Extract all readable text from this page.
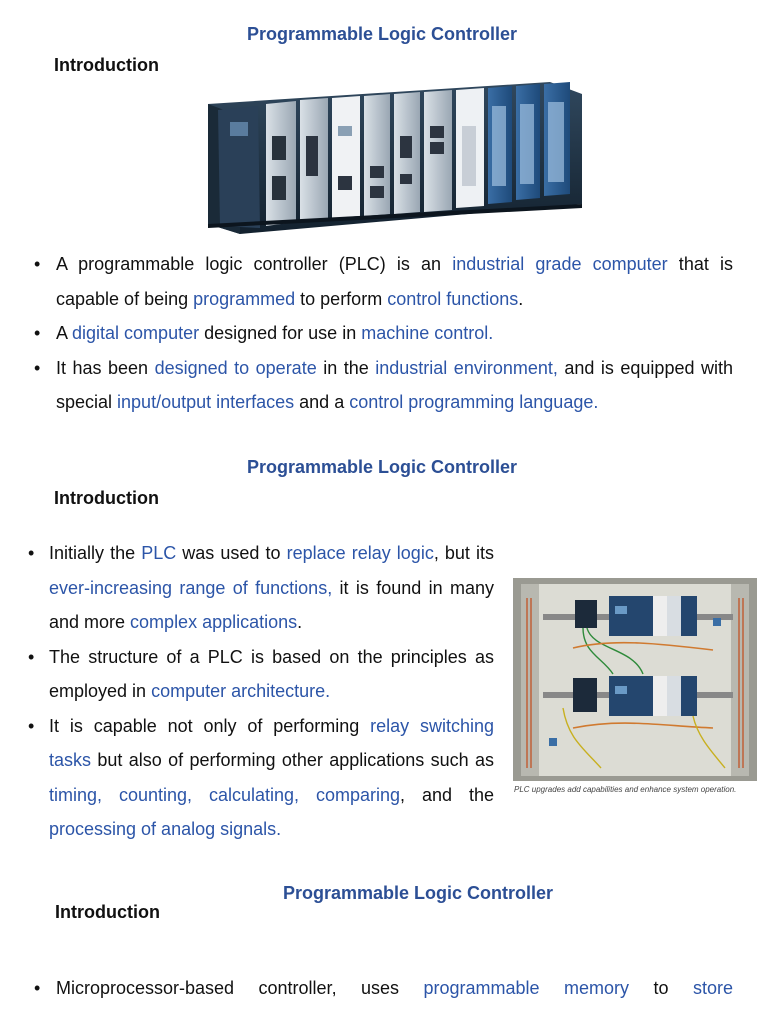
Programmable Logic Controller
Introduction
• A programmable logic controller (PLC) is an industrial grade computer that is capable of being programmed to perform control functions.
• A digital computer designed for use in machine control.
• It has been designed to operate in the industrial environment, and is equipped with special input/output interfaces and a control programming language.
Programmable Logic Controller
Introduction
• Initially the PLC was used to replace relay logic, but its ever-increasing range of functions, it is found in many and more complex applications.
• The structure of a PLC is based on the principles as employed in computer architecture.
• It is capable not only of performing relay switching tasks but also of performing other applications such as timing, counting, calculating, comparing, and the processing of analog signals.
PLC upgrades add capabilities and enhance system operation.
Programmable Logic Controller
Introduction
• Microprocessor-based controller, uses programmable memory to store
